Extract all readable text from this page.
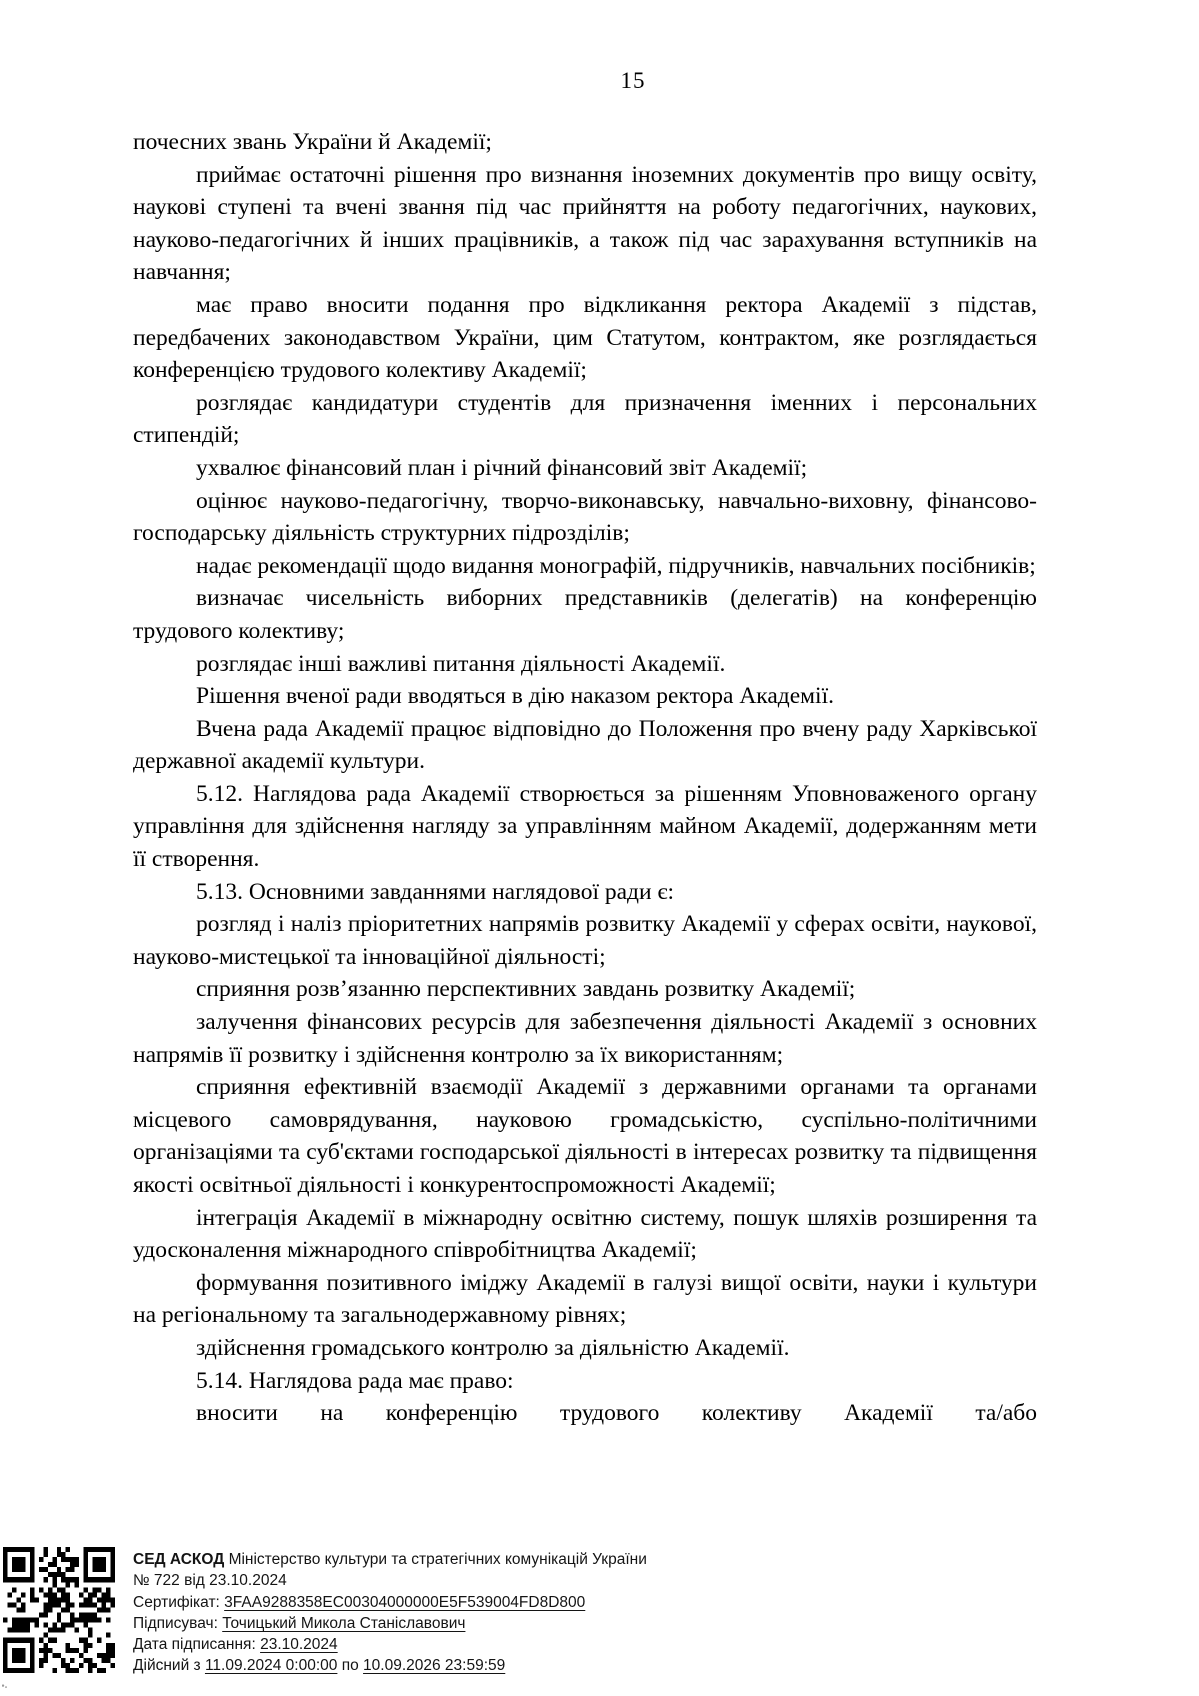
15

почесних звань України й Академії;

приймає остаточні рішення про визнання іноземних документів про вищу освіту, наукові ступені та вчені звання під час прийняття на роботу педагогічних, наукових, науково-педагогічних й інших працівників, а також під час зарахування вступників на навчання;

має право вносити подання про відкликання ректора Академії з підстав, передбачених законодавством України, цим Статутом, контрактом, яке розглядається конференцією трудового колективу Академії;

розглядає кандидатури студентів для призначення іменних і персональних стипендій;

ухвалює фінансовий план і річний фінансовий звіт Академії;

оцінює науково-педагогічну, творчо-виконавську, навчально-виховну, фінансово-господарську діяльність структурних підрозділів;

надає рекомендації щодо видання монографій, підручників, навчальних посібників;

визначає чисельність виборних представників (делегатів) на конференцію трудового колективу;

розглядає інші важливі питання діяльності Академії.

Рішення вченої ради вводяться в дію наказом ректора Академії.

Вчена рада Академії працює відповідно до Положення про вчену раду Харківської державної академії культури.

5.12. Наглядова рада Академії створюється за рішенням Уповноваженого органу управління для здійснення нагляду за управлінням майном Академії, додержанням мети її створення.

5.13. Основними завданнями наглядової ради є:

розгляд і наліз пріоритетних напрямів розвитку Академії у сферах освіти, наукової, науково-мистецької та інноваційної діяльності;

сприяння розв’язанню перспективних завдань розвитку Академії;

залучення фінансових ресурсів для забезпечення діяльності Академії з основних напрямів її розвитку і здійснення контролю за їх використанням;

сприяння ефективній взаємодії Академії з державними органами та органами місцевого самоврядування, науковою громадськістю, суспільно-політичними організаціями та суб'єктами господарської діяльності в інтересах розвитку та підвищення якості освітньої діяльності і конкурентоспроможності Академії;

інтеграція Академії в міжнародну освітню систему, пошук шляхів розширення та удосконалення міжнародного співробітництва Академії;

формування позитивного іміджу Академії в галузі вищої освіти, науки і культури на регіональному та загальнодержавному рівнях;

здійснення громадського контролю за діяльністю Академії.

5.14. Наглядова рада має право:

вносити на конференцію трудового колективу Академії та/або

СЕД АСКОД Міністерство культури та стратегічних комунікацій України
№ 722 від 23.10.2024
Сертифікат: 3FAA9288358EC00304000000E5F539004FD8D800
Підписувач: Точицький Микола Станіславович
Дата підписання: 23.10.2024
Дійсний з 11.09.2024 0:00:00 по 10.09.2026 23:59:59
